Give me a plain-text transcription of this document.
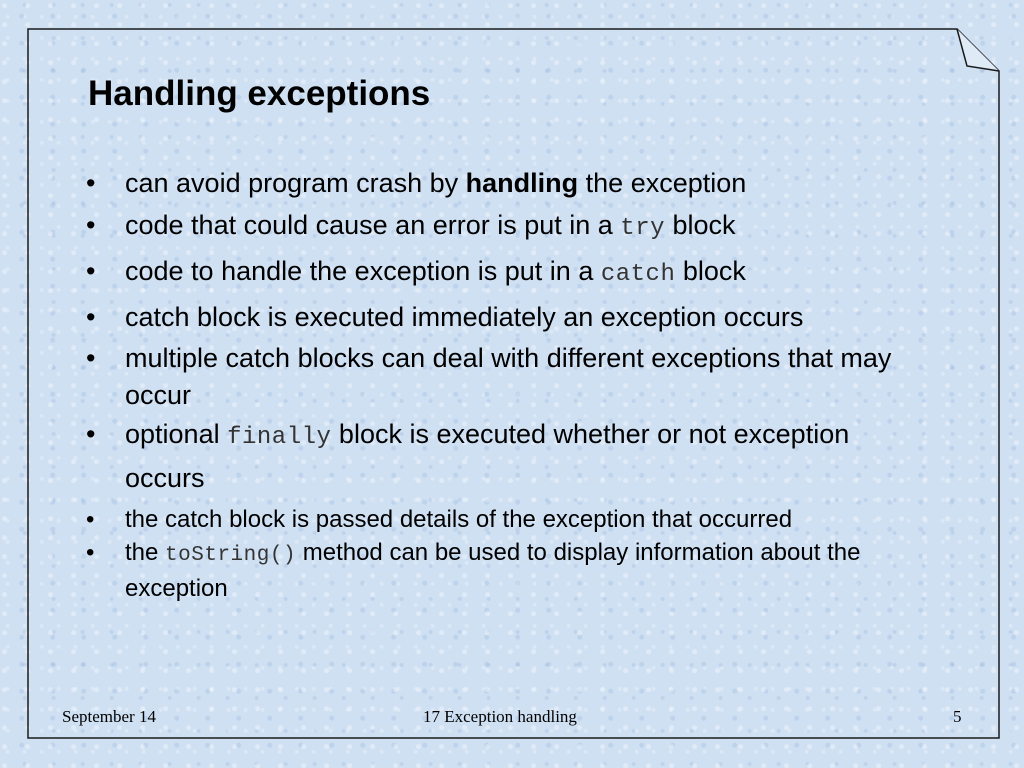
Handling exceptions
• can avoid program crash by handling the exception
• code that could cause an error is put in a try block
• code to handle the exception is put in a catch block
• catch block is executed immediately an exception occurs
• multiple catch blocks can deal with different exceptions that may occur
• optional finally block is executed whether or not exception occurs
• the catch block is passed details of the exception that occurred
• the toString() method can be used to display information about the exception
September 14	17 Exception handling	5
